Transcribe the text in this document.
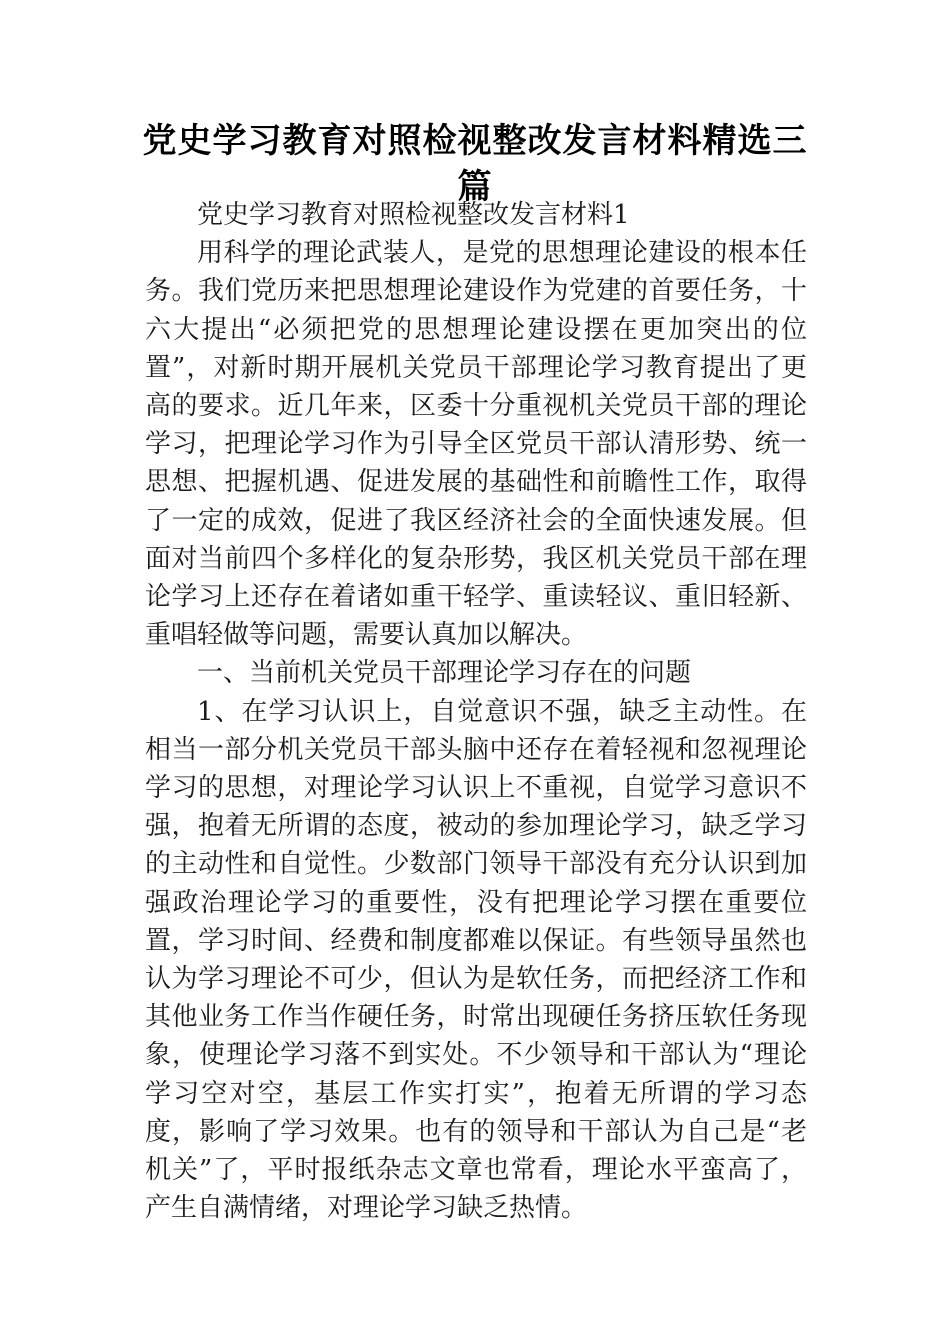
党史学习教育对照检视整改发言材料精选三篇

党史学习教育对照检视整改发言材料1

用科学的理论武装人，是党的思想理论建设的根本任务。我们党历来把思想理论建设作为党建的首要任务，十六大提出“必须把党的思想理论建设摆在更加突出的位置”，对新时期开展机关党员干部理论学习教育提出了更高的要求。近几年来，区委十分重视机关党员干部的理论学习，把理论学习作为引导全区党员干部认清形势、统一思想、把握机遇、促进发展的基础性和前瞻性工作，取得了一定的成效，促进了我区经济社会的全面快速发展。但面对当前四个多样化的复杂形势，我区机关党员干部在理论学习上还存在着诸如重干轻学、重读轻议、重旧轻新、重唱轻做等问题，需要认真加以解决。

一、当前机关党员干部理论学习存在的问题

1、在学习认识上，自觉意识不强，缺乏主动性。在相当一部分机关党员干部头脑中还存在着轻视和忽视理论学习的思想，对理论学习认识上不重视，自觉学习意识不强，抱着无所谓的态度，被动的参加理论学习，缺乏学习的主动性和自觉性。少数部门领导干部没有充分认识到加强政治理论学习的重要性，没有把理论学习摆在重要位置，学习时间、经费和制度都难以保证。有些领导虽然也认为学习理论不可少，但认为是软任务，而把经济工作和其他业务工作当作硬任务，时常出现硬任务挤压软任务现象，使理论学习落不到实处。不少领导和干部认为“理论学习空对空，基层工作实打实”，抱着无所谓的学习态度，影响了学习效果。也有的领导和干部认为自己是“老机关”了，平时报纸杂志文章也常看，理论水平蛮高了，产生自满情绪，对理论学习缺乏热情。
